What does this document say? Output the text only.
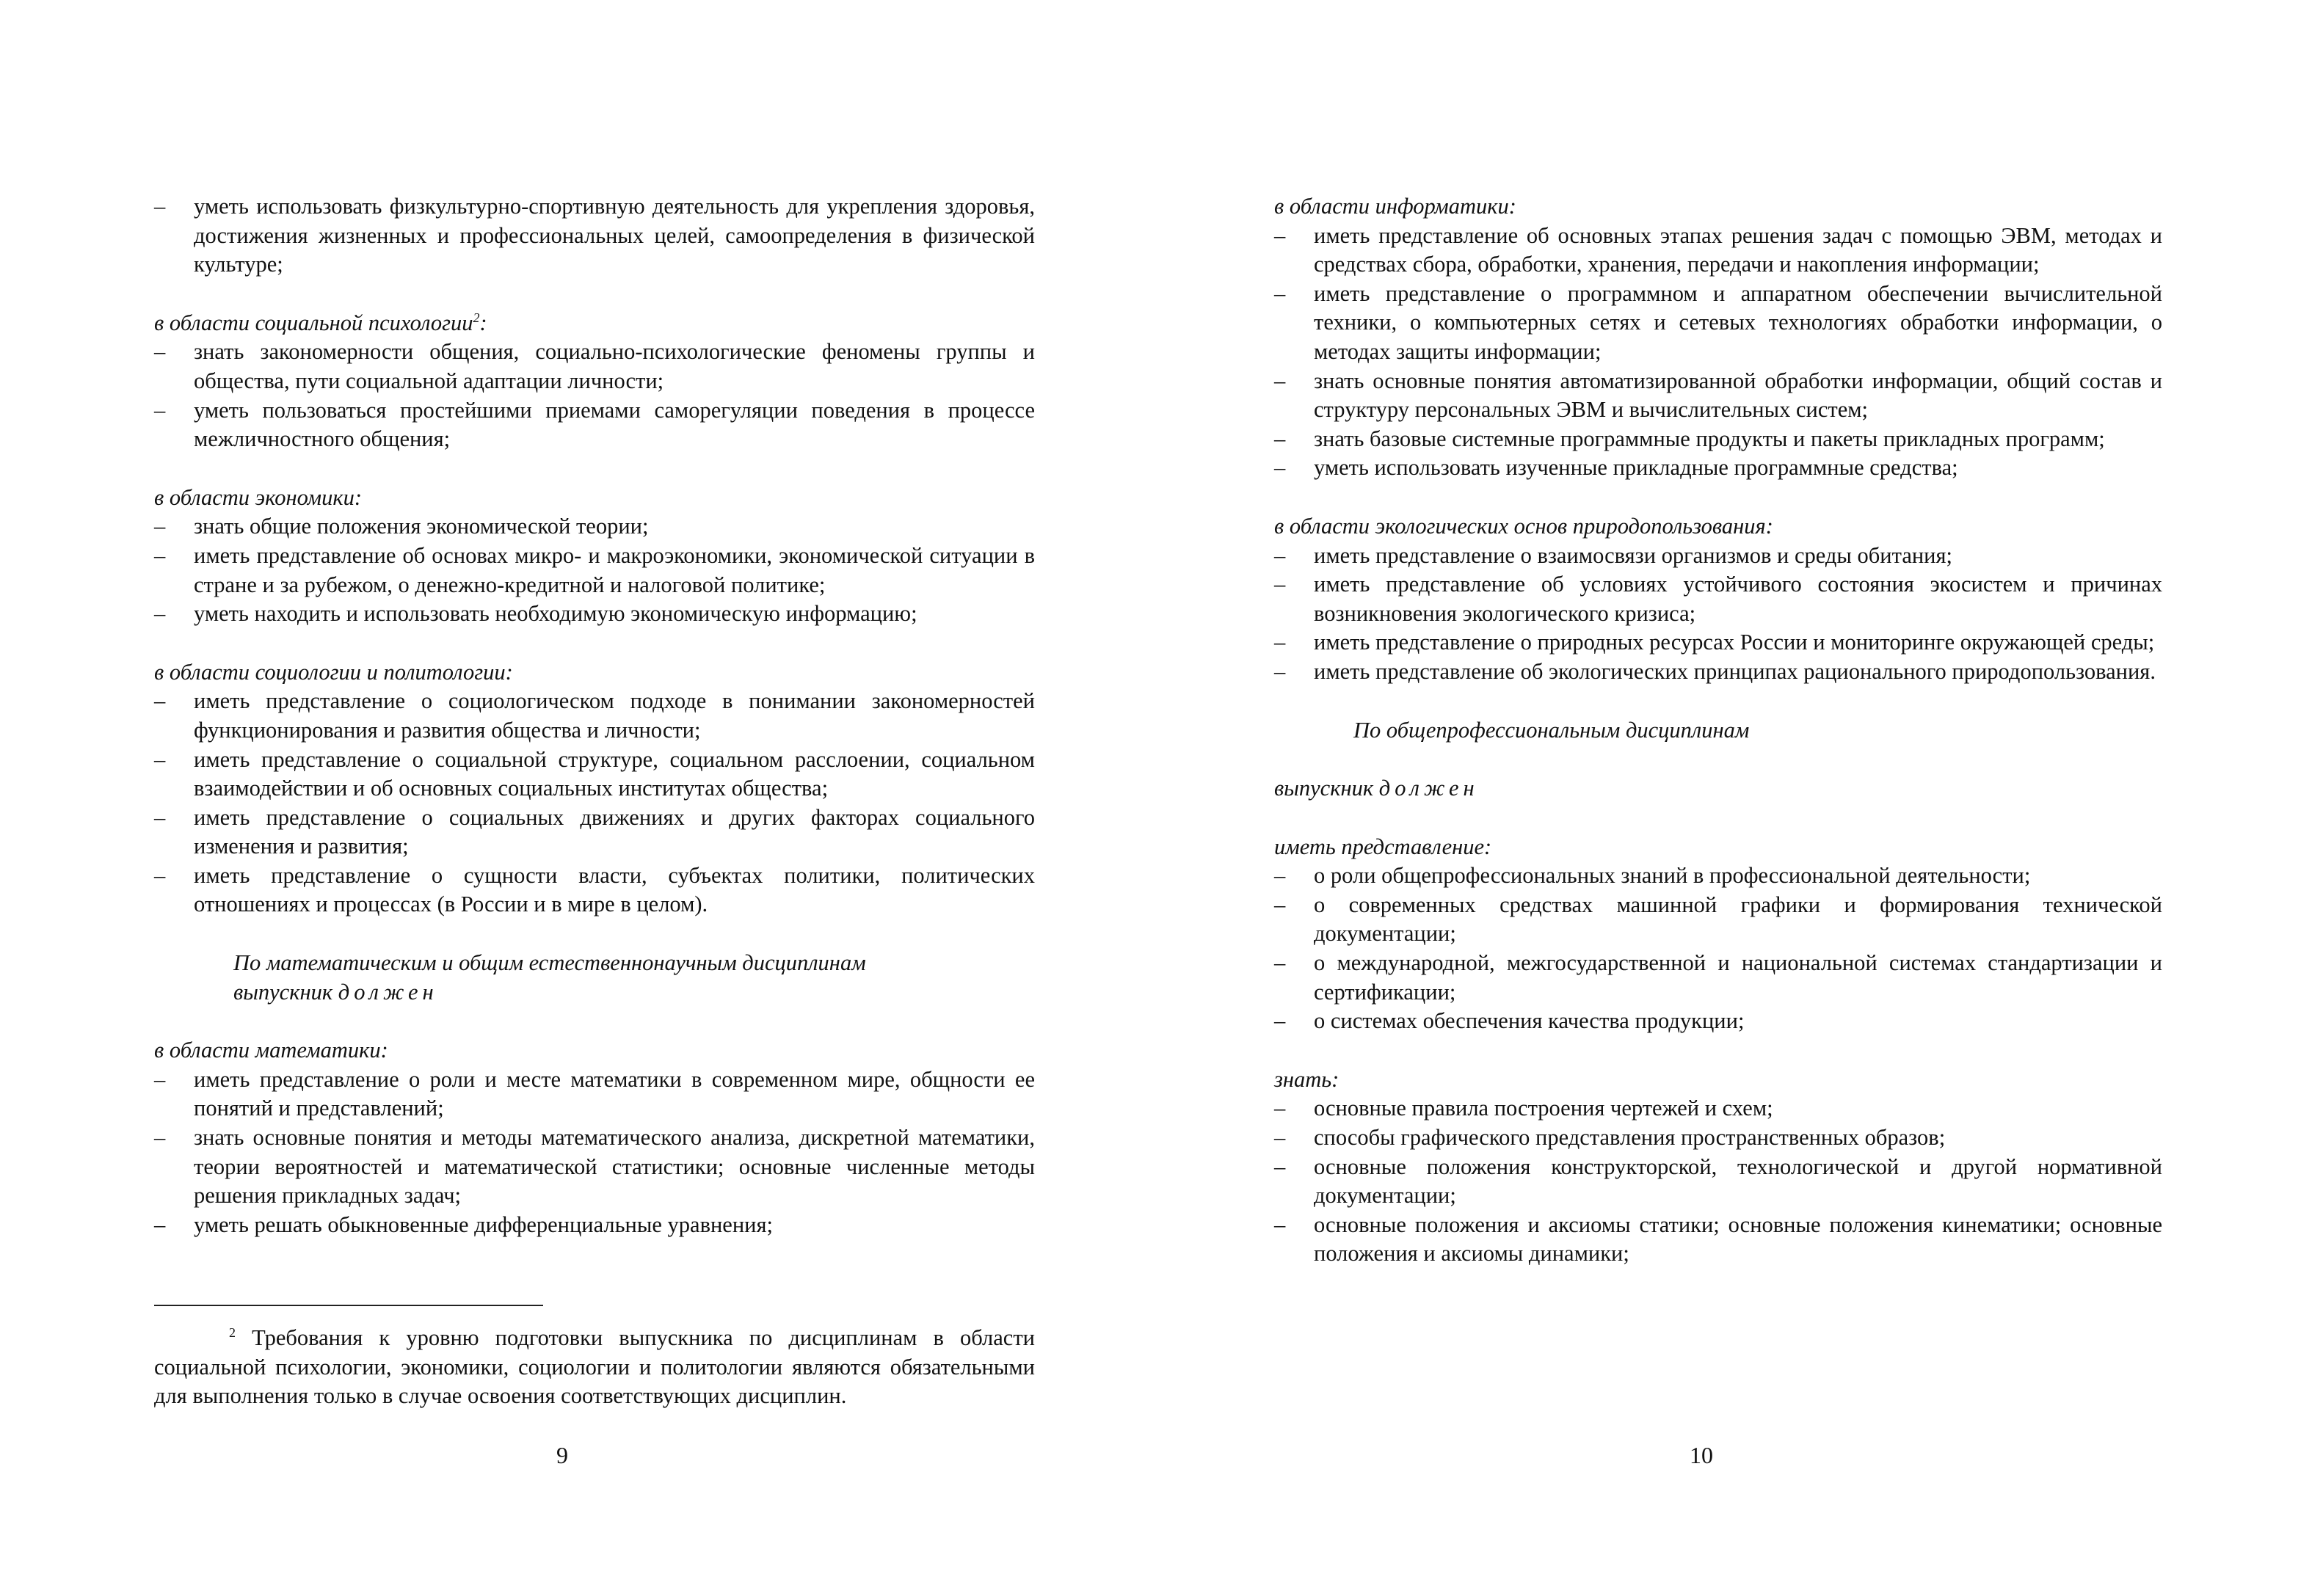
– уметь использовать физкультурно-спортивную деятельность для укрепления здоровья, достижения жизненных и профессиональных целей, самоопределения в физической культуре;

в области социальной психологии$^2$:

– знать закономерности общения, социально-психологические феномены группы и общества, пути социальной адаптации личности;
– уметь пользоваться простейшими приемами саморегуляции поведения в процессе межличностного общения;

в области экономики:

– знать общие положения экономической теории;
– иметь представление об основах микро- и макроэкономики, экономической ситуации в стране и за рубежом, о денежно-кредитной и налоговой политике;
– уметь находить и использовать необходимую экономическую информацию;

в области социологии и политологии:

– иметь представление о социологическом подходе в понимании закономерностей функционирования и развития общества и личности;
– иметь представление о социальной структуре, социальном расслоении, социальном взаимодействии и об основных социальных институтах общества;
– иметь представление о социальных движениях и других факторах социального изменения и развития;
– иметь представление о сущности власти, субъектах политики, политических отношениях и процессах (в России и в мире в целом).

По математическим и общим естественнонаучным дисциплинам

выпускник должен

в области математики:

– иметь представление о роли и месте математики в современном мире, общности ее понятий и представлений;
– знать основные понятия и методы математического анализа, дискретной математики, теории вероятностей и математической статистики; основные численные методы решения прикладных задач;
– уметь решать обыкновенные дифференциальные уравнения;
$^2$ Требования к уровню подготовки выпускника по дисциплинам в области социальной психологии, экономики, социологии и политологии являются обязательными для выполнения только в случае освоения соответствующих дисциплин.
9

в области информатики:

– иметь представление об основных этапах решения задач с помощью ЭВМ, методах и средствах сбора, обработки, хранения, передачи и накопления информации;
– иметь представление о программном и аппаратном обеспечении вычислительной техники, о компьютерных сетях и сетевых технологиях обработки информации, о методах защиты информации;
– знать основные понятия автоматизированной обработки информации, общий состав и структуру персональных ЭВМ и вычислительных систем;
– знать базовые системные программные продукты и пакеты прикладных программ;
– уметь использовать изученные прикладные программные средства;

в области экологических основ природопользования:

– иметь представление о взаимосвязи организмов и среды обитания;
– иметь представление об условиях устойчивого состояния экосистем и причинах возникновения экологического кризиса;
– иметь представление о природных ресурсах России и мониторинге окружающей среды;
– иметь представление об экологических принципах рационального природопользования.

По общепрофессиональным дисциплинам

выпускник должен

иметь представление:

– о роли общепрофессиональных знаний в профессиональной деятельности;
– о современных средствах машинной графики и формирования технической документации;
– о международной, межгосударственной и национальной системах стандартизации и сертификации;
– о системах обеспечения качества продукции;

знать:

– основные правила построения чертежей и схем;
– способы графического представления пространственных образов;
– основные положения конструкторской, технологической и другой нормативной документации;
– основные положения и аксиомы статики; основные положения кинематики; основные положения и аксиомы динамики;
10
